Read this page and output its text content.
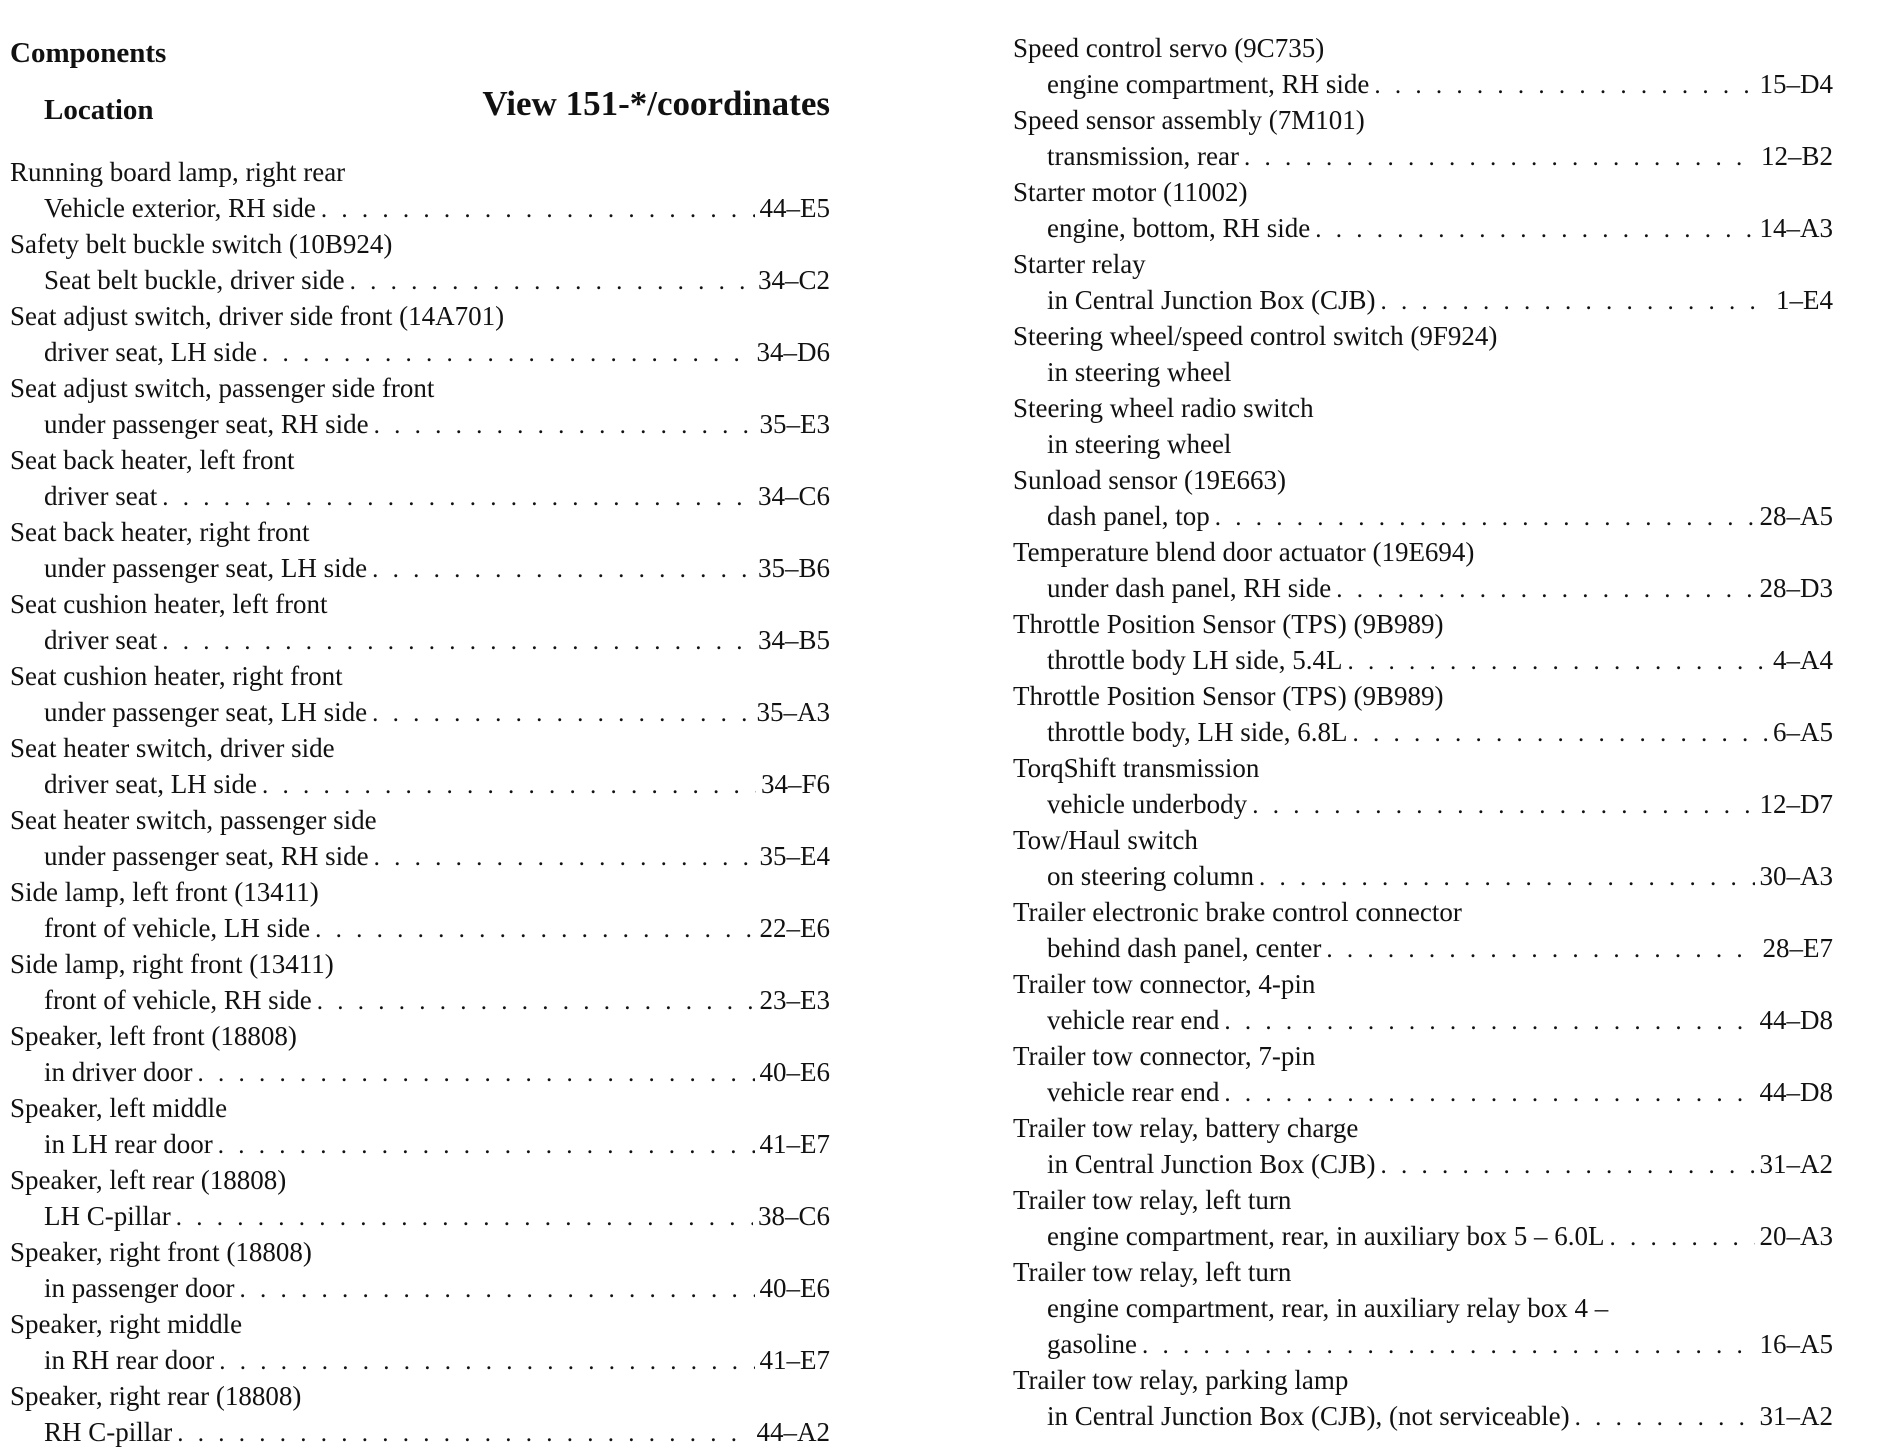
Components
Location	View 151-*/coordinates
Running board lamp, right rear
Vehicle exterior, RH side . . .	44–E5
Safety belt buckle switch (10B924)
Seat belt buckle, driver side . . .	34–C2
Seat adjust switch, driver side front (14A701)
driver seat, LH side . . .	34–D6
Seat adjust switch, passenger side front
under passenger seat, RH side . . .	35–E3
Seat back heater, left front
driver seat . . .	34–C6
Seat back heater, right front
under passenger seat, LH side . . .	35–B6
Seat cushion heater, left front
driver seat . . .	34–B5
Seat cushion heater, right front
under passenger seat, LH side . . .	35–A3
Seat heater switch, driver side
driver seat, LH side . . .	34–F6
Seat heater switch, passenger side
under passenger seat, RH side . . .	35–E4
Side lamp, left front (13411)
front of vehicle, LH side . . .	22–E6
Side lamp, right front (13411)
front of vehicle, RH side . . .	23–E3
Speaker, left front (18808)
in driver door . . .	40–E6
Speaker, left middle
in LH rear door . . .	41–E7
Speaker, left rear (18808)
LH C-pillar . . .	38–C6
Speaker, right front (18808)
in passenger door . . .	40–E6
Speaker, right middle
in RH rear door . . .	41–E7
Speaker, right rear (18808)
RH C-pillar . . .	44–A2
Speed control servo (9C735)
engine compartment, RH side . . .	15–D4
Speed sensor assembly (7M101)
transmission, rear . . .	12–B2
Starter motor (11002)
engine, bottom, RH side . . .	14–A3
Starter relay
in Central Junction Box (CJB) . . .	1–E4
Steering wheel/speed control switch (9F924)
in steering wheel
Steering wheel radio switch
in steering wheel
Sunload sensor (19E663)
dash panel, top . . .	28–A5
Temperature blend door actuator (19E694)
under dash panel, RH side . . .	28–D3
Throttle Position Sensor (TPS) (9B989)
throttle body LH side, 5.4L . . .	4–A4
Throttle Position Sensor (TPS) (9B989)
throttle body, LH side, 6.8L . . .	6–A5
TorqShift transmission
vehicle underbody . . .	12–D7
Tow/Haul switch
on steering column . . .	30–A3
Trailer electronic brake control connector
behind dash panel, center . . .	28–E7
Trailer tow connector, 4-pin
vehicle rear end . . .	44–D8
Trailer tow connector, 7-pin
vehicle rear end . . .	44–D8
Trailer tow relay, battery charge
in Central Junction Box (CJB) . . .	31–A2
Trailer tow relay, left turn
engine compartment, rear, in auxiliary box 5 – 6.0L . . .	20–A3
Trailer tow relay, left turn
engine compartment, rear, in auxiliary relay box 4 –
gasoline . . .	16–A5
Trailer tow relay, parking lamp
in Central Junction Box (CJB), (not serviceable) . . .	31–A2
